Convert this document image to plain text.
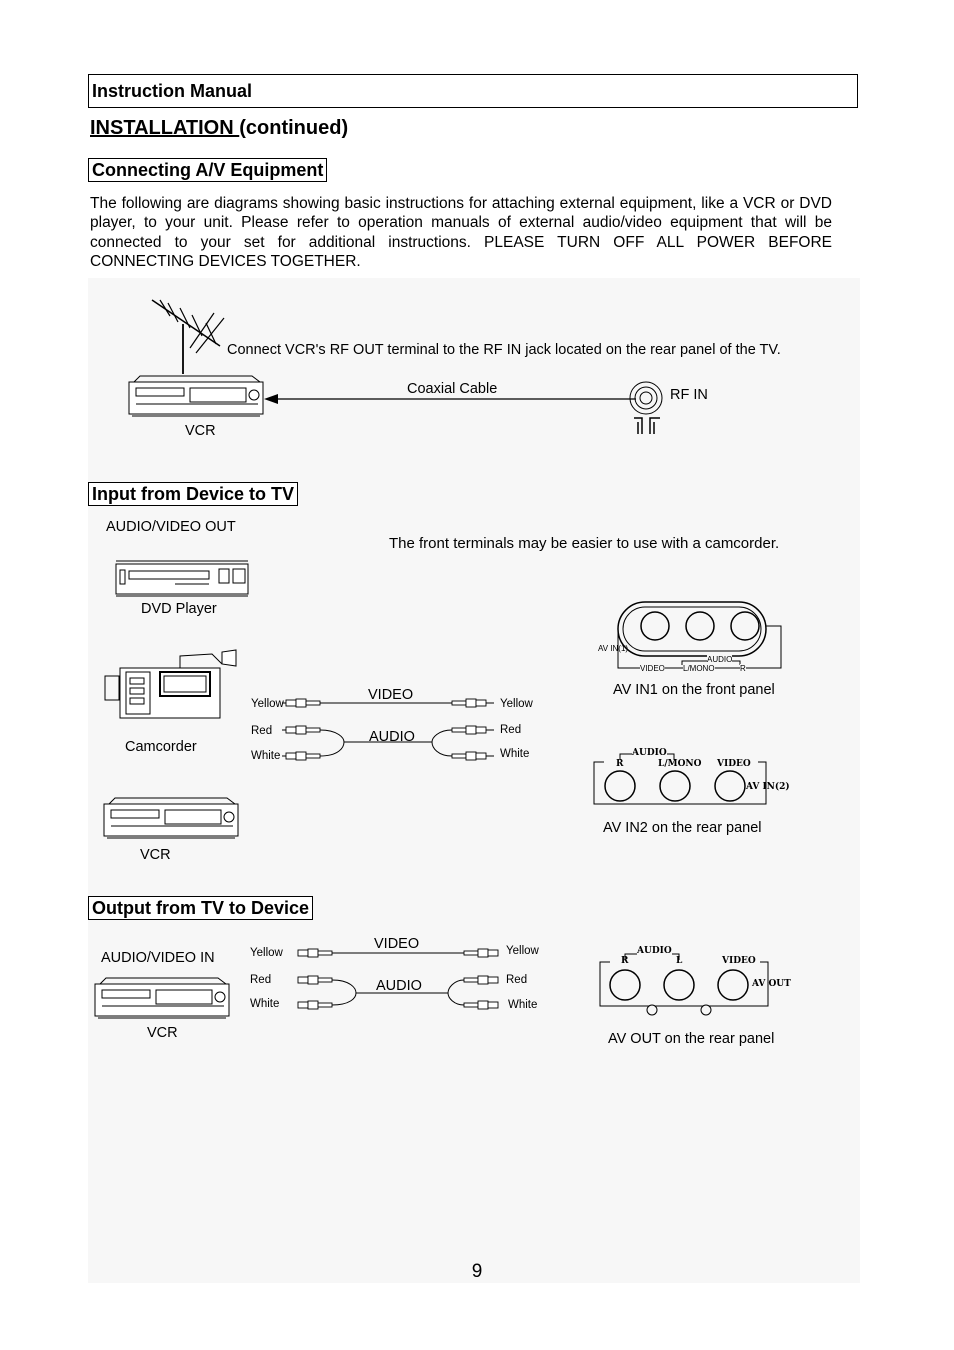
Instruction Manual
INSTALLATION (continued)
Connecting A/V Equipment
The following are diagrams showing basic instructions for attaching external equipment, like a VCR or DVD player, to your unit. Please refer to operation manuals of external audio/video equipment that will be connected to your set for additional instructions. PLEASE TURN OFF ALL POWER BEFORE CONNECTING DEVICES TOGETHER.
VCR
Connect VCR's RF OUT terminal to the RF IN jack located on the rear panel of the TV.
Coaxial Cable	RF IN
Input from Device to TV
AUDIO/VIDEO OUT
The front terminals may be easier to use with a camcorder.
DVD Player
Camcorder
VCR
Yellow
Red
White
Yellow
Red
White
VIDEO
AUDIO
AV IN(1)
VIDEO
AUDIO
L/MONO	R
AV IN1 on the front panel
AUDIO
R	L/MONO VIDEO
AV IN(2)
AV IN2 on the rear panel
Output from TV to Device
AUDIO/VIDEO IN
VCR
Yellow
Red
White
Yellow
Red
White
VIDEO
AUDIO
AUDIO
R	L	VIDEO
AV OUT
AV OUT on the rear panel
9
